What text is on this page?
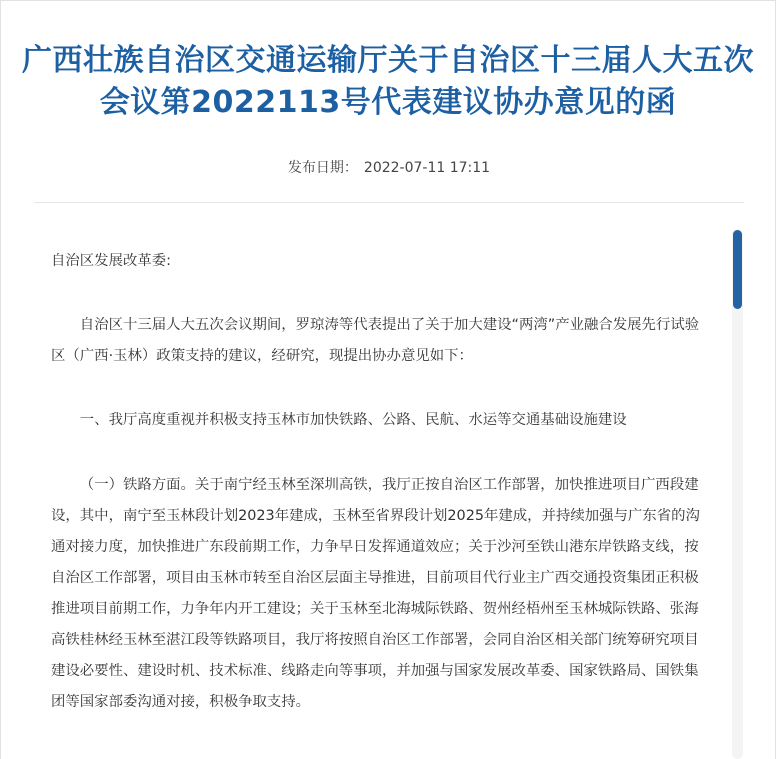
广西壮族自治区交通运输厅关于自治区十三届人大五次会议第2022113号代表建议协办意见的函
发布日期： 2022-07-11 17:11

自治区发展改革委:

自治区十三届人大五次会议期间，罗琼涛等代表提出了关于加大建设“两湾”产业融合发展先行试验区（广西·玉林）政策支持的建议，经研究，现提出协办意见如下：

一、我厅高度重视并积极支持玉林市加快铁路、公路、民航、水运等交通基础设施建设

（一）铁路方面。关于南宁经玉林至深圳高铁，我厅正按自治区工作部署，加快推进项目广西段建设，其中，南宁至玉林段计划2023年建成，玉林至省界段计划2025年建成，并持续加强与广东省的沟通对接力度，加快推进广东段前期工作，力争早日发挥通道效应；关于沙河至铁山港东岸铁路支线，按自治区工作部署，项目由玉林市转至自治区层面主导推进，目前项目代行业主广西交通投资集团正积极推进项目前期工作，力争年内开工建设；关于玉林至北海城际铁路、贺州经梧州至玉林城际铁路、张海高铁桂林经玉林至湛江段等铁路项目，我厅将按照自治区工作部署，会同自治区相关部门统筹研究项目建设必要性、建设时机、技术标准、线路走向等事项，并加强与国家发展改革委、国家铁路局、国铁集团等国家部委沟通对接，积极争取支持。
